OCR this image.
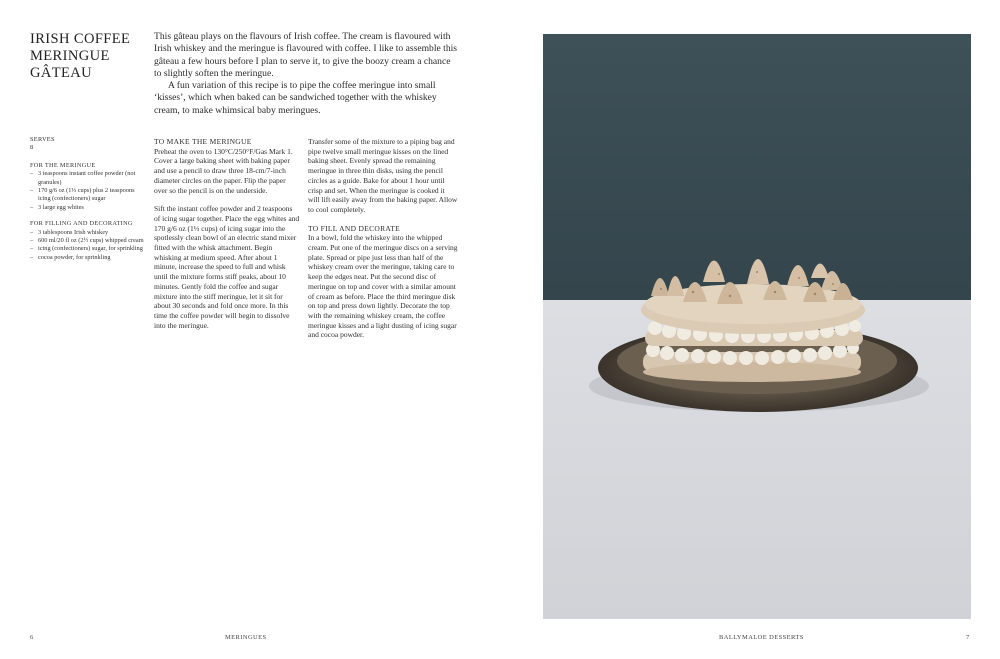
IRISH COFFEE
MERINGUE
GÂTEAU

This gâteau plays on the flavours of Irish coffee. The cream is flavoured with Irish whiskey and the meringue is flavoured with coffee. I like to assemble this gâteau a few hours before I plan to serve it, to give the boozy cream a chance to slightly soften the meringue.

A fun variation of this recipe is to pipe the coffee meringue into small ‘kisses’, which when baked can be sandwiched together with the whiskey cream, to make whimsical baby meringues.

SERVES
8
FOR THE MERINGUE
– 3 teaspoons instant coffee powder (not granules)
– 170 g/6 oz (1⅓ cups) plus 2 teaspoons icing (confectioners) sugar
– 3 large egg whites
FOR FILLING AND DECORATING
– 3 tablespoons Irish whiskey
– 600 ml/20 fl oz (2½ cups) whipped cream
– icing (confectioners) sugar, for sprinkling
– cocoa powder, for sprinkling
TO MAKE THE MERINGUE

Preheat the oven to 130°C/250°F/Gas Mark 1. Cover a large baking sheet with baking paper and use a pencil to draw three 18-cm/7-inch diameter circles on the paper. Flip the paper over so the pencil is on the underside.

Sift the instant coffee powder and 2 teaspoons of icing sugar together. Place the egg whites and 170 g/6 oz (1⅓ cups) of icing sugar into the spotlessly clean bowl of an electric stand mixer fitted with the whisk attachment. Begin whisking at medium speed. After about 1 minute, increase the speed to full and whisk until the mixture forms stiff peaks, about 10 minutes. Gently fold the coffee and sugar mixture into the stiff meringue, let it sit for about 30 seconds and fold once more. In this time the coffee powder will begin to dissolve into the meringue.

Transfer some of the mixture to a piping bag and pipe twelve small meringue kisses on the lined baking sheet. Evenly spread the remaining meringue in three thin disks, using the pencil circles as a guide. Bake for about 1 hour until crisp and set. When the meringue is cooked it will lift easily away from the baking paper. Allow to cool completely.

TO FILL AND DECORATE

In a bowl, fold the whiskey into the whipped cream. Put one of the meringue discs on a serving plate. Spread or pipe just less than half of the whiskey cream over the meringue, taking care to keep the edges neat. Put the second disc of meringue on top and cover with a similar amount of cream as before. Place the third meringue disk on top and press down lightly. Decorate the top with the remaining whiskey cream, the coffee meringue kisses and a light dusting of icing sugar and cocoa powder.

6	MERINGUES	BALLYMALOE DESSERTS	7
